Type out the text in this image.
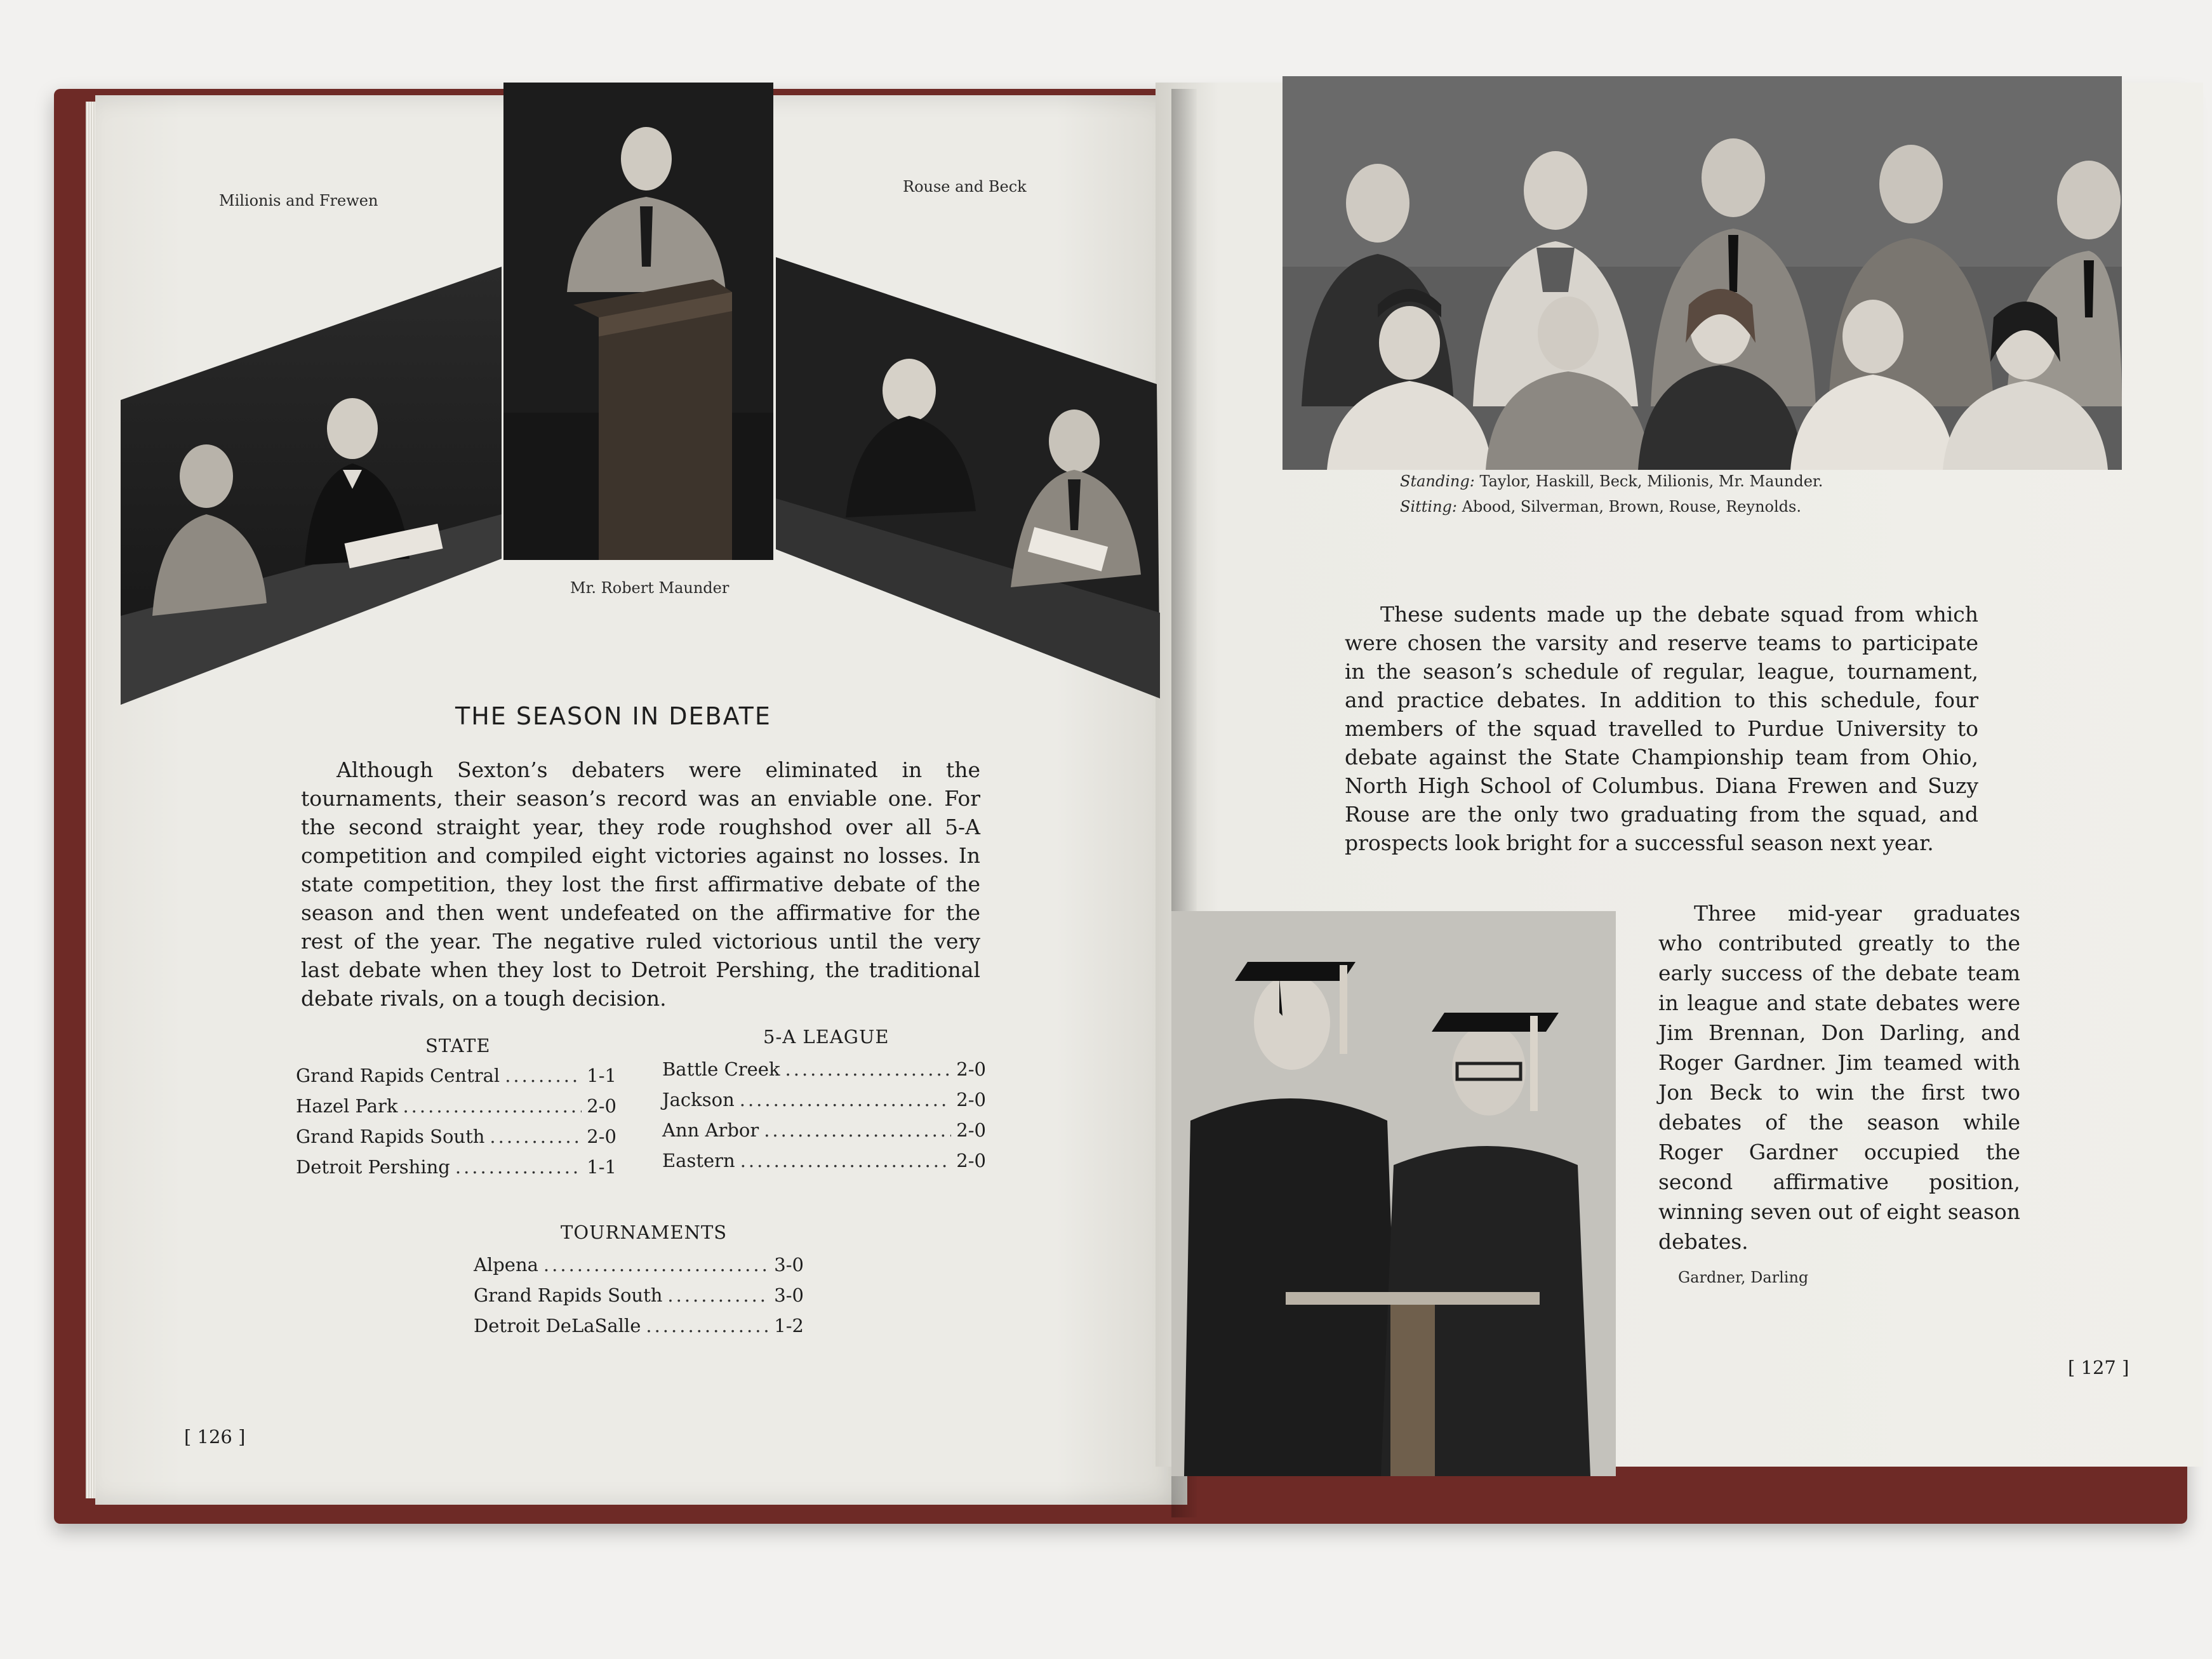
Milionis and Frewen
Rouse and Beck
Mr. Robert Maunder
THE SEASON IN DEBATE
Although Sexton’s debaters were eliminated in the tournaments, their season’s record was an enviable one. For the second straight year, they rode roughshod over all 5-A competition and compiled eight victories against no losses. In state competition, they lost the first affirmative debate of the season and then went undefeated on the affirmative for the rest of the year. The negative ruled victorious until the very last debate when they lost to Detroit Pershing, the traditional debate rivals, on a tough decision.
STATE
Grand Rapids Central .....	1-1
Hazel Park .....	2-0
Grand Rapids South .....	2-0
Detroit Pershing .....	1-1
5-A LEAGUE
Battle Creek .....	2-0
Jackson .....	2-0
Ann Arbor .....	2-0
Eastern .....	2-0
TOURNAMENTS
Alpena .....	3-0
Grand Rapids South .....	3-0
Detroit DeLaSalle .....	1-2
[ 126 ]
Standing: Taylor, Haskill, Beck, Milionis, Mr. Maunder.
Sitting: Abood, Silverman, Brown, Rouse, Reynolds.
These sudents made up the debate squad from which were chosen the varsity and reserve teams to participate in the season’s schedule of regular, league, tournament, and practice debates. In addition to this schedule, four members of the squad travelled to Purdue University to debate against the State Championship team from Ohio, North High School of Columbus. Diana Frewen and Suzy Rouse are the only two graduating from the squad, and prospects look bright for a successful season next year.
Three mid-year graduates who contributed greatly to the early success of the debate team in league and state debates were Jim Brennan, Don Darling, and Roger Gardner. Jim teamed with Jon Beck to win the first two debates of the season while Roger Gardner occupied the second affirmative position, winning seven out of eight season debates.
Gardner, Darling
[ 127 ]
